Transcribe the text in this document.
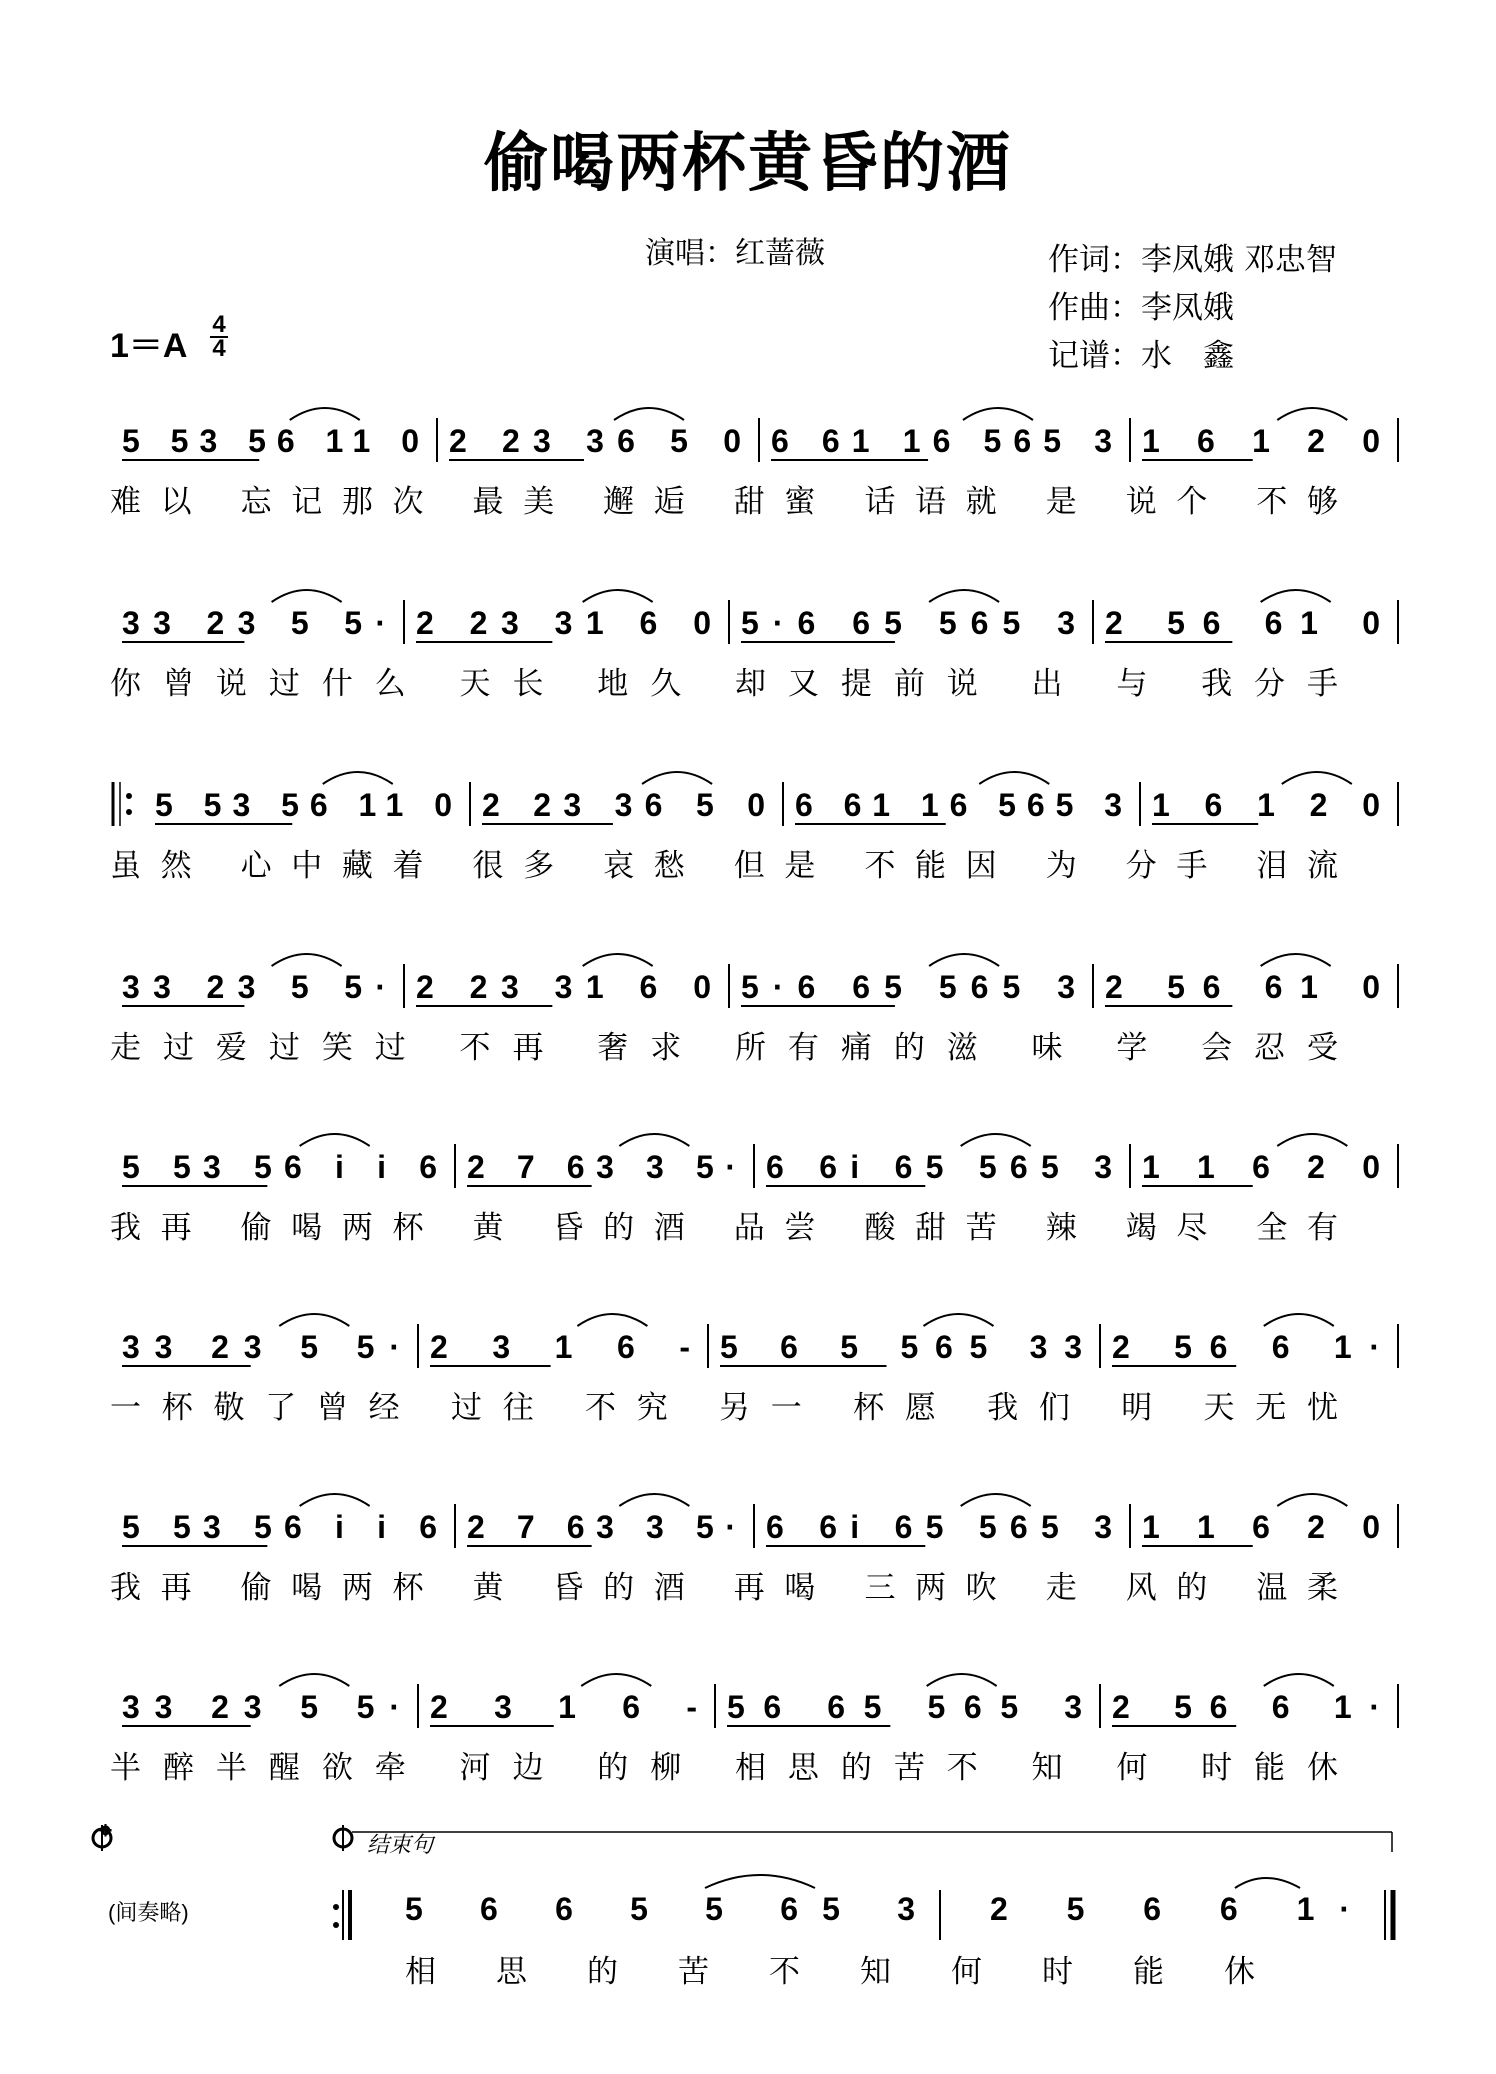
偷喝两杯黄昏的酒
演唱：红蔷薇	作词：李凤娥 邓忠智
作曲：李凤娥
记谱：水　鑫
1＝A
4
4
5 53 56 11 0 2 23 36 5 0 6 61 16 565 3 1 6 1 2 0
难以 忘记那次 最美 邂逅 甜蜜 话语就 是 说个 不够
33 23 5 5· 2 23 31 6 0 5·6 65 565 3 2 56 61 0
你曾说过什么 天长 地久 却又提前说 出 与 我分手
5 53 56 11 0 2 23 36 5 0 6 61 16 565 3 1 6 1 2 0
虽然 心中藏着 很多 哀愁 但是 不能因 为 分手 泪流
33 23 5 5· 2 23 31 6 0 5·6 65 565 3 2 56 61 0
走过爱过笑过 不再 奢求 所有痛的滋 味 学 会忍受
5 53 56 i i 6 2 7 63 3 5· 6 6i 65 565 3 1 1 6 2 0
我再 偷喝两杯 黄 昏的酒 品尝 酸甜苦 辣 竭尽 全有
33 23 5 5· 2 3 1 6 - 5 6 5 565 33 2 56 6 1·
一杯敬了曾经 过往 不究 另一 杯愿 我们 明 天无忧
5 53 56 i i 6 2 7 63 3 5· 6 6i 65 565 3 1 1 6 2 0
我再 偷喝两杯 黄 昏的酒 再喝 三两吹 走 风的 温柔
33 23 5 5· 2 3 1 6 - 56 65 565 3 2 56 6 1·
半醉半醒欲牵 河边 的柳 相思的苦不 知 何 时能休
𝄌
(间奏略)
结束句
5 6 6 5 5 65 3 2 5 6 6 1·
相 思 的 苦 不 知 何 时 能 休
